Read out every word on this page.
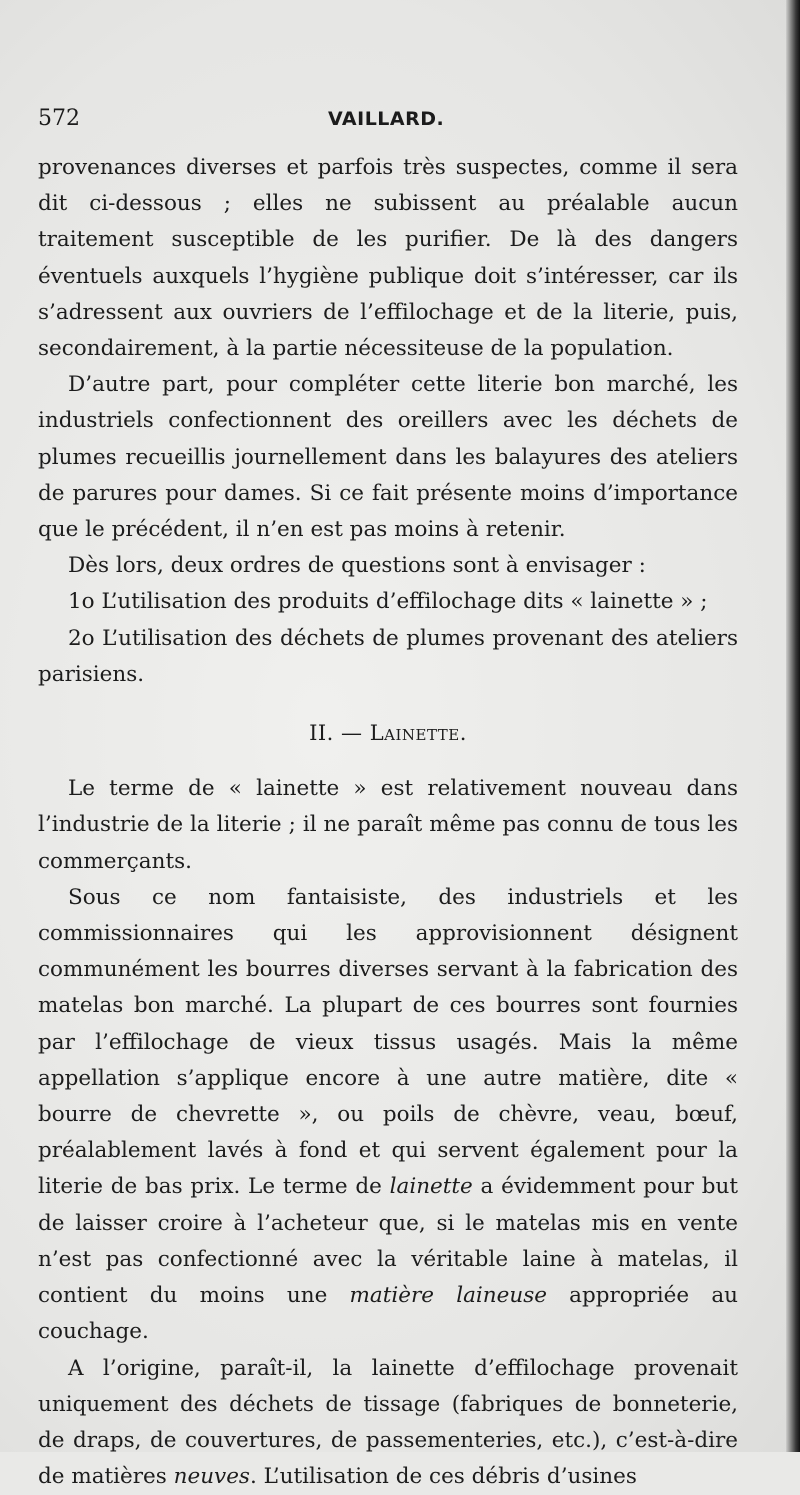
572	VAILLARD.

provenances diverses et parfois très suspectes, comme il sera dit ci-dessous ; elles ne subissent au préalable aucun traitement susceptible de les purifier. De là des dangers éventuels auxquels l’hygiène publique doit s’intéresser, car ils s’adressent aux ouvriers de l’effilochage et de la literie, puis, secondairement, à la partie nécessiteuse de la population.

D’autre part, pour compléter cette literie bon marché, les industriels confectionnent des oreillers avec les déchets de plumes recueillis journellement dans les balayures des ateliers de parures pour dames. Si ce fait présente moins d’importance que le précédent, il n’en est pas moins à retenir.

Dès lors, deux ordres de questions sont à envisager :

1o L’utilisation des produits d’effilochage dits « lainette » ;

2o L’utilisation des déchets de plumes provenant des ateliers parisiens.

II. — Lainette.

Le terme de « lainette » est relativement nouveau dans l’industrie de la literie ; il ne paraît même pas connu de tous les commerçants.

Sous ce nom fantaisiste, des industriels et les commissionnaires qui les approvisionnent désignent communément les bourres diverses servant à la fabrication des matelas bon marché. La plupart de ces bourres sont fournies par l’effilochage de vieux tissus usagés. Mais la même appellation s’applique encore à une autre matière, dite « bourre de chevrette », ou poils de chèvre, veau, bœuf, préalablement lavés à fond et qui servent également pour la literie de bas prix. Le terme de lainette a évidemment pour but de laisser croire à l’acheteur que, si le matelas mis en vente n’est pas confectionné avec la véritable laine à matelas, il contient du moins une matière laineuse appropriée au couchage.

A l’origine, paraît-il, la lainette d’effilochage provenait uniquement des déchets de tissage (fabriques de bonneterie, de draps, de couvertures, de passementeries, etc.), c’est-à-dire de matières neuves. L’utilisation de ces débris d’usines
